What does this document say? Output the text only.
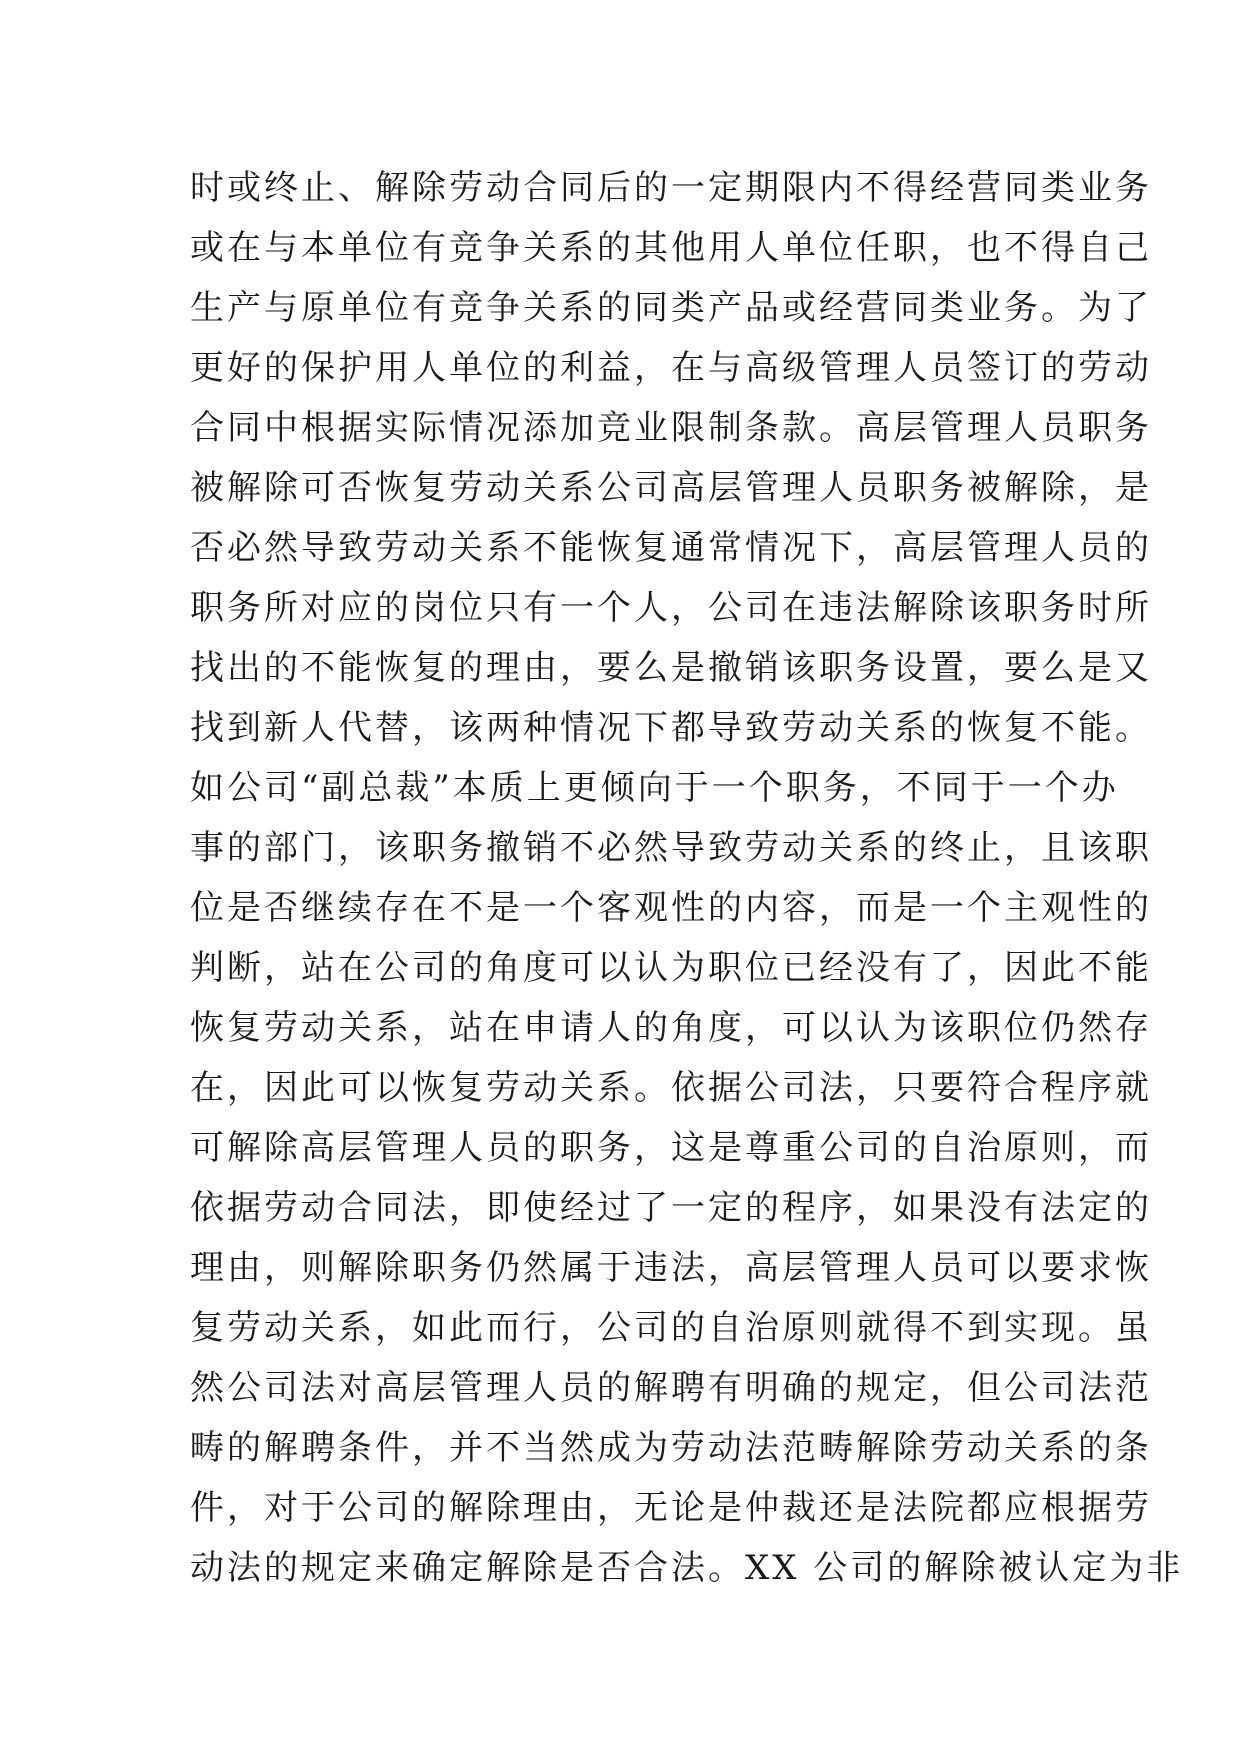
时或终止、解除劳动合同后的一定期限内不得经营同类业务
或在与本单位有竞争关系的其他用人单位任职，也不得自己
生产与原单位有竞争关系的同类产品或经营同类业务。为了
更好的保护用人单位的利益，在与高级管理人员签订的劳动
合同中根据实际情况添加竞业限制条款。高层管理人员职务
被解除可否恢复劳动关系公司高层管理人员职务被解除，是
否必然导致劳动关系不能恢复通常情况下，高层管理人员的
职务所对应的岗位只有一个人，公司在违法解除该职务时所
找出的不能恢复的理由，要么是撤销该职务设置，要么是又
找到新人代替，该两种情况下都导致劳动关系的恢复不能。
如公司“副总裁”本质上更倾向于一个职务，不同于一个办
事的部门，该职务撤销不必然导致劳动关系的终止，且该职
位是否继续存在不是一个客观性的内容，而是一个主观性的
判断，站在公司的角度可以认为职位已经没有了，因此不能
恢复劳动关系，站在申请人的角度，可以认为该职位仍然存
在，因此可以恢复劳动关系。依据公司法，只要符合程序就
可解除高层管理人员的职务，这是尊重公司的自治原则，而
依据劳动合同法，即使经过了一定的程序，如果没有法定的
理由，则解除职务仍然属于违法，高层管理人员可以要求恢
复劳动关系，如此而行，公司的自治原则就得不到实现。虽
然公司法对高层管理人员的解聘有明确的规定，但公司法范
畴的解聘条件，并不当然成为劳动法范畴解除劳动关系的条
件，对于公司的解除理由，无论是仲裁还是法院都应根据劳
动法的规定来确定解除是否合法。XX 公司的解除被认定为非
